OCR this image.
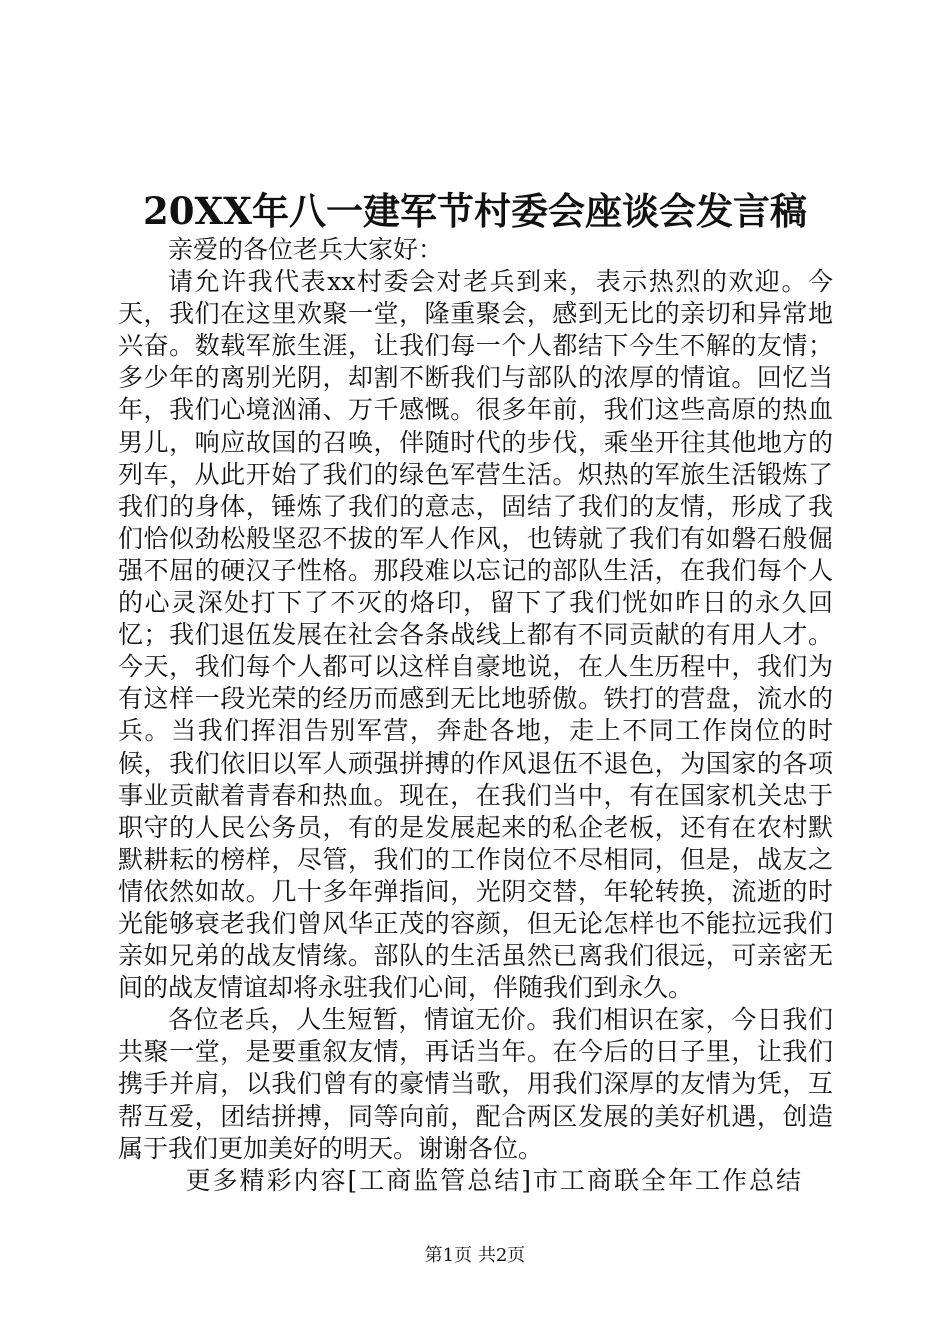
20XX年八一建军节村委会座谈会发言稿

亲爱的各位老兵大家好：

请允许我代表xx村委会对老兵到来，表示热烈的欢迎。今天，我们在这里欢聚一堂，隆重聚会，感到无比的亲切和异常地兴奋。数载军旅生涯，让我们每一个人都结下今生不解的友情；多少年的离别光阴，却割不断我们与部队的浓厚的情谊。回忆当年，我们心境汹涌、万千感慨。很多年前，我们这些高原的热血男儿，响应故国的召唤，伴随时代的步伐，乘坐开往其他地方的列车，从此开始了我们的绿色军营生活。炽热的军旅生活锻炼了我们的身体，锤炼了我们的意志，固结了我们的友情，形成了我们恰似劲松般坚忍不拔的军人作风，也铸就了我们有如磐石般倔强不屈的硬汉子性格。那段难以忘记的部队生活，在我们每个人的心灵深处打下了不灭的烙印，留下了我们恍如昨日的永久回忆；我们退伍发展在社会各条战线上都有不同贡献的有用人才。今天，我们每个人都可以这样自豪地说，在人生历程中，我们为有这样一段光荣的经历而感到无比地骄傲。铁打的营盘，流水的兵。当我们挥泪告别军营，奔赴各地，走上不同工作岗位的时候，我们依旧以军人顽强拼搏的作风退伍不退色，为国家的各项事业贡献着青春和热血。现在，在我们当中，有在国家机关忠于职守的人民公务员，有的是发展起来的私企老板，还有在农村默默耕耘的榜样，尽管，我们的工作岗位不尽相同，但是，战友之情依然如故。几十多年弹指间，光阴交替，年轮转换，流逝的时光能够衰老我们曾风华正茂的容颜，但无论怎样也不能拉远我们亲如兄弟的战友情缘。部队的生活虽然已离我们很远，可亲密无间的战友情谊却将永驻我们心间，伴随我们到永久。

各位老兵，人生短暂，情谊无价。我们相识在家，今日我们共聚一堂，是要重叙友情，再话当年。在今后的日子里，让我们携手并肩，以我们曾有的豪情当歌，用我们深厚的友情为凭，互帮互爱，团结拼搏，同等向前，配合两区发展的美好机遇，创造属于我们更加美好的明天。谢谢各位。

更多精彩内容[工商监管总结]市工商联全年工作总结

第1页 共2页
